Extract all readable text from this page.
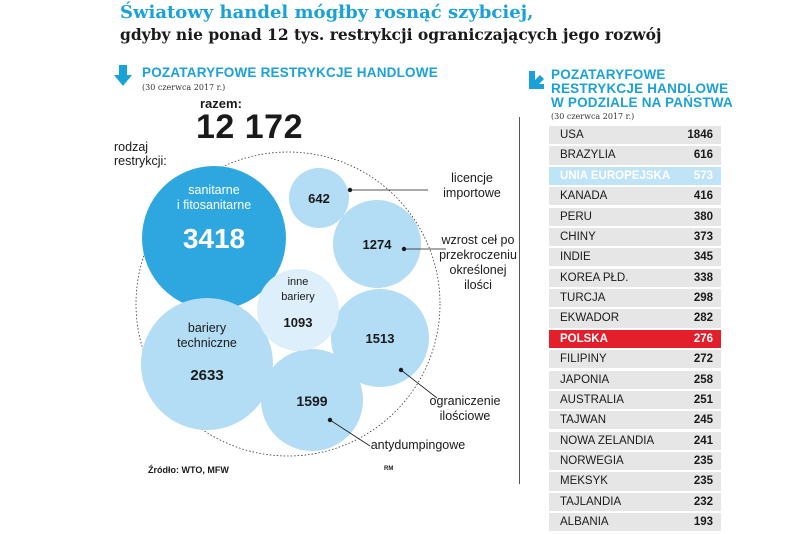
Światowy handel mógłby rosnąć szybciej,
gdyby nie ponad 12 tys. restrykcji ograniczających jego rozwój
POZATARYFOWE RESTRYKCJE HANDLOWE
(30 czerwca 2017 r.)
razem:
12 172
rodzaj restrykcji:
sanitarne
i fitosanitarne
3418
bariery
techniczne
2633
1599
1513
1274
inne
bariery
1093
642
licencje importowe
wzrost ceł po przekroczeniu określonej ilości
ograniczenie ilościowe
antydumpingowe
Źródło: WTO, MFW	RM
POZATARYFOWE RESTRYKCJE HANDLOWE W PODZIALE NA PAŃSTWA
(30 czerwca 2017 r.)
USA	1846
BRAZYLIA	616
UNIA EUROPEJSKA 573
KANADA	416
PERU	380
CHINY	373
INDIE	345
KOREA PŁD.	338
TURCJA	298
EKWADOR	282
POLSKA	276
FILIPINY	272
JAPONIA	258
AUSTRALIA	251
TAJWAN	245
NOWA ZELANDIA	241
NORWEGIA	235
MEKSYK	235
TAJLANDIA	232
ALBANIA	193
